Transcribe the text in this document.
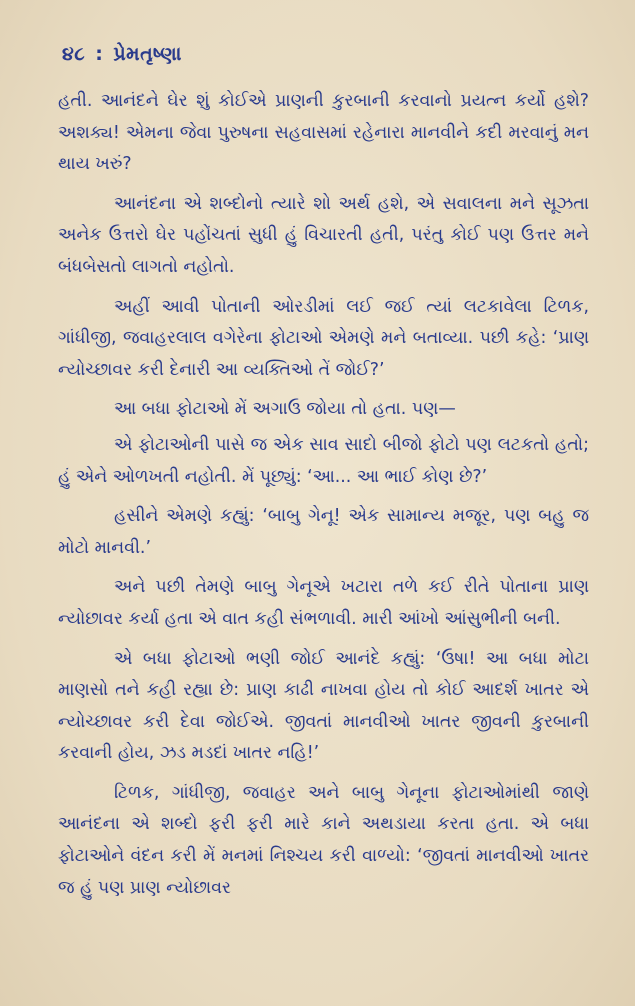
૪૮ : પ્રેમતૃષ્ણા

હતી. આનંદને ઘેર શું કોઈએ પ્રાણની કુરબાની કરવાનો પ્રયત્ન કર્યો હશે? અશક્ય! એમના જેવા પુરુષના સહવાસમાં રહેનારા માનવીને કદી મરવાનું મન થાય ખરું?

આનંદના એ શબ્દોનો ત્યારે શો અર્થ હશે, એ સવાલના મને સૂઝતા અનેક ઉત્તરો ઘેર પહોંચતાં સુધી હું વિચારતી હતી, પરંતુ કોઈ પણ ઉત્તર મને બંધબેસતો લાગતો નહોતો.

અહીં આવી પોતાની ઓરડીમાં લઈ જઈ ત્યાં લટકાવેલા ટિળક, ગાંધીજી, જવાહરલાલ વગેરેના ફોટાઓ એમણે મને બતાવ્યા. પછી કહે: ‘પ્રાણ ન્યોચ્છાવર કરી દેનારી આ વ્યક્તિઓ તેં જોઈ?’

આ બધા ફોટાઓ મેં અગાઉ જોયા તો હતા. પણ—

એ ફોટાઓની પાસે જ એક સાવ સાદો બીજો ફોટો પણ લટકતો હતો; હું એને ઓળખતી નહોતી. મેં પૂછ્યું: ‘આ... આ ભાઈ કોણ છે?’

હસીને એમણે કહ્યું: ‘બાબુ ગેનૂ! એક સામાન્ય મજૂર, પણ બહુ જ મોટો માનવી.’

અને પછી તેમણે બાબુ ગેનૂએ ખટારા તળે કઈ રીતે પોતાના પ્રાણ ન્યોછાવર કર્યા હતા એ વાત કહી સંભળાવી. મારી આંખો આંસુભીની બની.

એ બધા ફોટાઓ ભણી જોઈ આનંદે કહ્યું: ‘ઉષા! આ બધા મોટા માણસો તને કહી રહ્યા છે: પ્રાણ કાઢી નાખવા હોય તો કોઈ આદર્શ ખાતર એ ન્યોચ્છાવર કરી દેવા જોઈએ. જીવતાં માનવીઓ ખાતર જીવની કુરબાની કરવાની હોય, ઝડ મડદાં ખાતર નહિ!’

ટિળક, ગાંધીજી, જવાહર અને બાબુ ગેનૂના ફોટાઓમાંથી જાણે આનંદના એ શબ્દો ફરી ફરી મારે કાને અથડાયા કરતા હતા. એ બધા ફોટાઓને વંદન કરી મેં મનમાં નિશ્ચય કરી વાળ્યો: ‘જીવતાં માનવીઓ ખાતર જ હું પણ પ્રાણ ન્યોછાવર
